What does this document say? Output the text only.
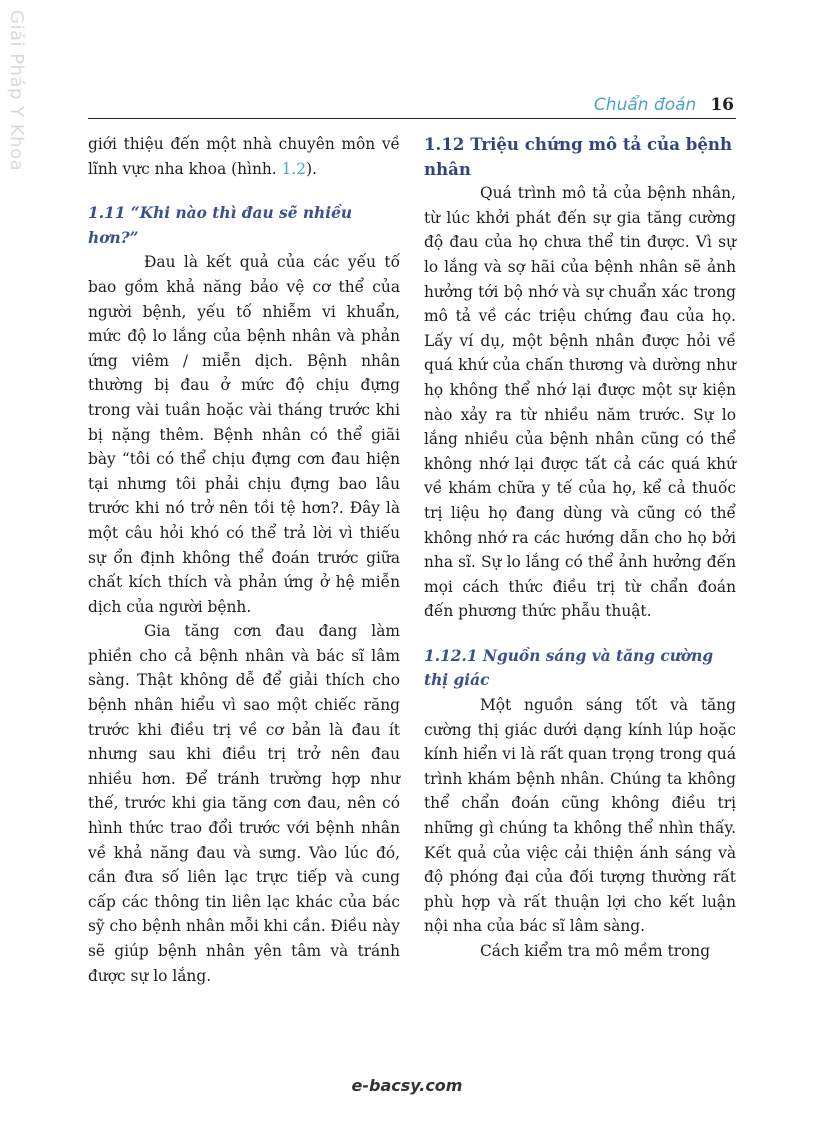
Giải Pháp Y Khoa	Chuẩn đoán 16

giới thiệu đến một nhà chuyên môn về lĩnh vực nha khoa (hình. 1.2).

1.11 “Khi nào thì đau sẽ nhiều hơn?”

Đau là kết quả của các yếu tố bao gồm khả năng bảo vệ cơ thể của người bệnh, yếu tố nhiễm vi khuẩn, mức độ lo lắng của bệnh nhân và phản ứng viêm / miễn dịch. Bệnh nhân thường bị đau ở mức độ chịu đựng trong vài tuần hoặc vài tháng trước khi bị nặng thêm. Bệnh nhân có thể giãi bày “tôi có thể chịu đựng cơn đau hiện tại nhưng tôi phải chịu đựng bao lâu trước khi nó trở nên tồi tệ hơn?. Đây là một câu hỏi khó có thể trả lời vì thiếu sự ổn định không thể đoán trước giữa chất kích thích và phản ứng ở hệ miễn dịch của người bệnh.

Gia tăng cơn đau đang làm phiền cho cả bệnh nhân và bác sĩ lâm sàng. Thật không dễ để giải thích cho bệnh nhân hiểu vì sao một chiếc răng trước khi điều trị về cơ bản là đau ít nhưng sau khi điều trị trở nên đau nhiều hơn. Để tránh trường hợp như thế, trước khi gia tăng cơn đau, nên có hình thức trao đổi trước với bệnh nhân về khả năng đau và sưng. Vào lúc đó, cần đưa số liên lạc trực tiếp và cung cấp các thông tin liên lạc khác của bác sỹ cho bệnh nhân mỗi khi cần. Điều này sẽ giúp bệnh nhân yên tâm và tránh được sự lo lắng.

1.12 Triệu chứng mô tả của bệnh nhân

Quá trình mô tả của bệnh nhân, từ lúc khởi phát đến sự gia tăng cường độ đau của họ chưa thể tin được. Vì sự lo lắng và sợ hãi của bệnh nhân sẽ ảnh hưởng tới bộ nhớ và sự chuẩn xác trong mô tả về các triệu chứng đau của họ. Lấy ví dụ, một bệnh nhân được hỏi về quá khứ của chấn thương và dường như họ không thể nhớ lại được một sự kiện nào xảy ra từ nhiều năm trước. Sự lo lắng nhiều của bệnh nhân cũng có thể không nhớ lại được tất cả các quá khứ về khám chữa y tế của họ, kể cả thuốc trị liệu họ đang dùng và cũng có thể không nhớ ra các hướng dẫn cho họ bởi nha sĩ. Sự lo lắng có thể ảnh hưởng đến mọi cách thức điều trị từ chẩn đoán đến phương thức phẫu thuật.

1.12.1 Nguồn sáng và tăng cường thị giác

Một nguồn sáng tốt và tăng cường thị giác dưới dạng kính lúp hoặc kính hiển vi là rất quan trọng trong quá trình khám bệnh nhân. Chúng ta không thể chẩn đoán cũng không điều trị những gì chúng ta không thể nhìn thấy. Kết quả của việc cải thiện ánh sáng và độ phóng đại của đối tượng thường rất phù hợp và rất thuận lợi cho kết luận nội nha của bác sĩ lâm sàng.

Cách kiểm tra mô mềm trong

e-bacsy.com
